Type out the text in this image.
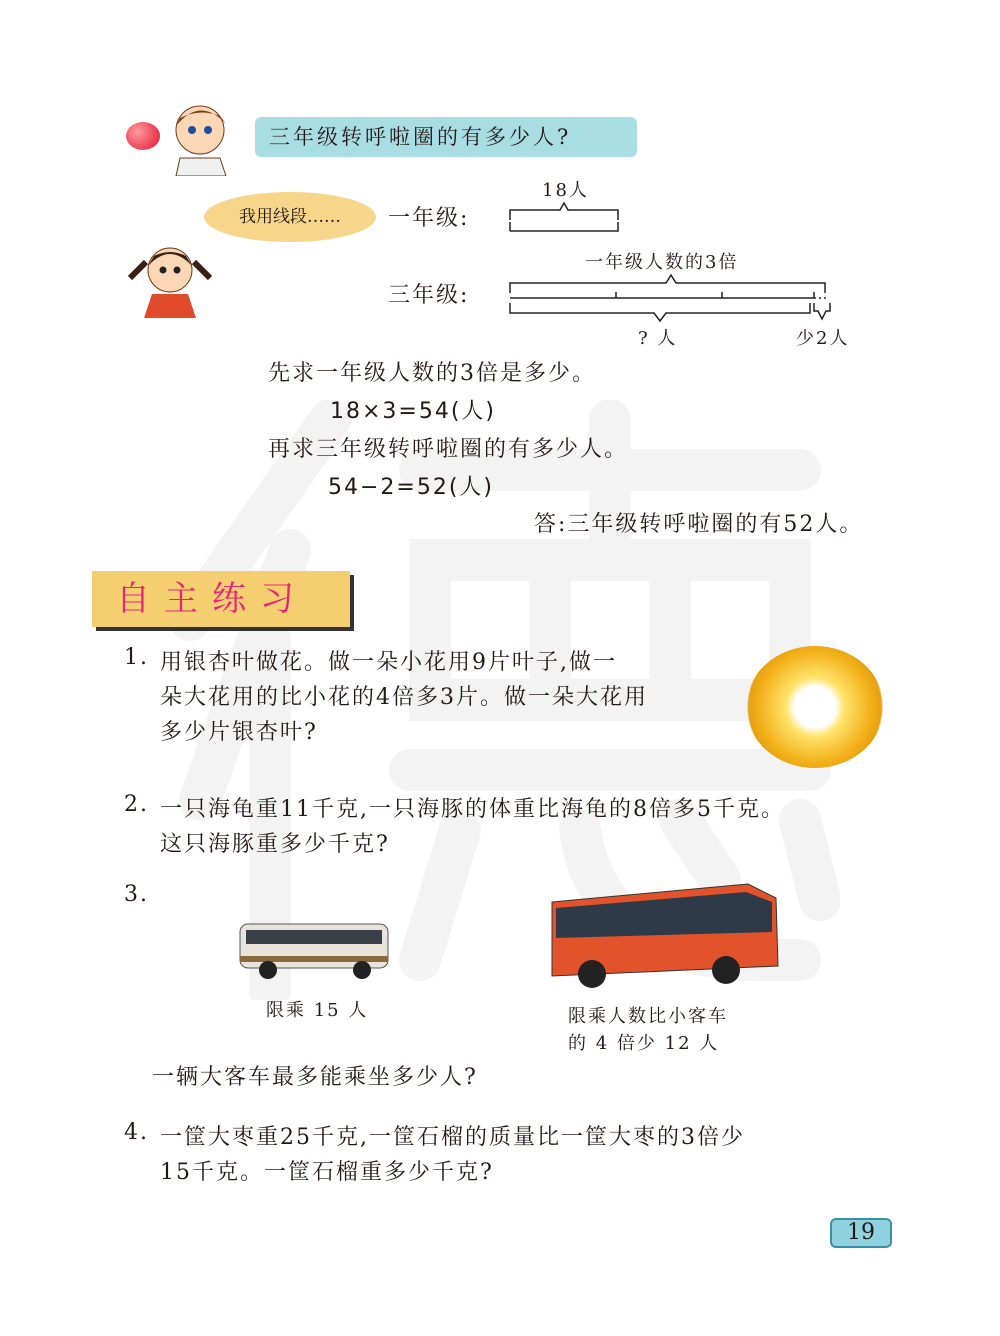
三年级转呼啦圈的有多少人?
我用线段……	一年级:
18人
三年级:
一年级人数的3倍
? 人	少2人
先求一年级人数的3倍是多少。
18×3=54(人)
再求三年级转呼啦圈的有多少人。
54−2=52(人)
答:三年级转呼啦圈的有52人。
自主练习
1. 用银杏叶做花。做一朵小花用9片叶子,做一
朵大花用的比小花的4倍多3片。做一朵大花用
多少片银杏叶?
2. 一只海龟重11千克,一只海豚的体重比海龟的8倍多5千克。
这只海豚重多少千克?
3.
限乘 15 人	限乘人数比小客车
的 4 倍少 12 人
一辆大客车最多能乘坐多少人?
4. 一筐大枣重25千克,一筐石榴的质量比一筐大枣的3倍少
15千克。一筐石榴重多少千克?
19
